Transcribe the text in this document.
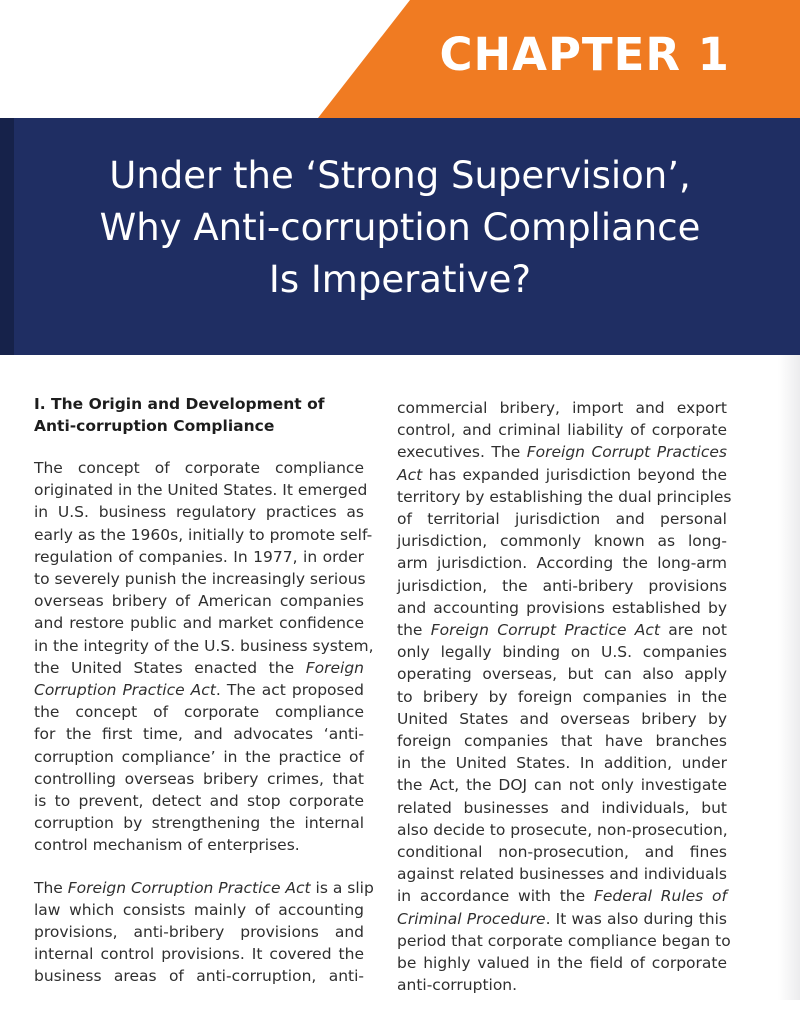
CHAPTER 1
Under the ‘Strong Supervision’,
Why Anti-corruption Compliance
Is Imperative?
I. The Origin and Development of
Anti-corruption Compliance

The concept of corporate compliance
originated in the United States. It emerged
in U.S. business regulatory practices as
early as the 1960s, initially to promote self-
regulation of companies. In 1977, in order
to severely punish the increasingly serious
overseas bribery of American companies
and restore public and market confidence
in the integrity of the U.S. business system,
the United States enacted the Foreign
Corruption Practice Act. The act proposed
the concept of corporate compliance
for the first time, and advocates ‘anti-
corruption compliance’ in the practice of
controlling overseas bribery crimes, that
is to prevent, detect and stop corporate
corruption by strengthening the internal
control mechanism of enterprises.

The Foreign Corruption Practice Act is a slip
law which consists mainly of accounting
provisions, anti-bribery provisions and
internal control provisions. It covered the
business areas of anti-corruption, anti-

commercial bribery, import and export
control, and criminal liability of corporate
executives. The Foreign Corrupt Practices
Act has expanded jurisdiction beyond the
territory by establishing the dual principles
of territorial jurisdiction and personal
jurisdiction, commonly known as long-
arm jurisdiction. According the long-arm
jurisdiction, the anti-bribery provisions
and accounting provisions established by
the Foreign Corrupt Practice Act are not
only legally binding on U.S. companies
operating overseas, but can also apply
to bribery by foreign companies in the
United States and overseas bribery by
foreign companies that have branches
in the United States. In addition, under
the Act, the DOJ can not only investigate
related businesses and individuals, but
also decide to prosecute, non-prosecution,
conditional non-prosecution, and fines
against related businesses and individuals
in accordance with the Federal Rules of
Criminal Procedure. It was also during this
period that corporate compliance began to
be highly valued in the field of corporate
anti-corruption.
